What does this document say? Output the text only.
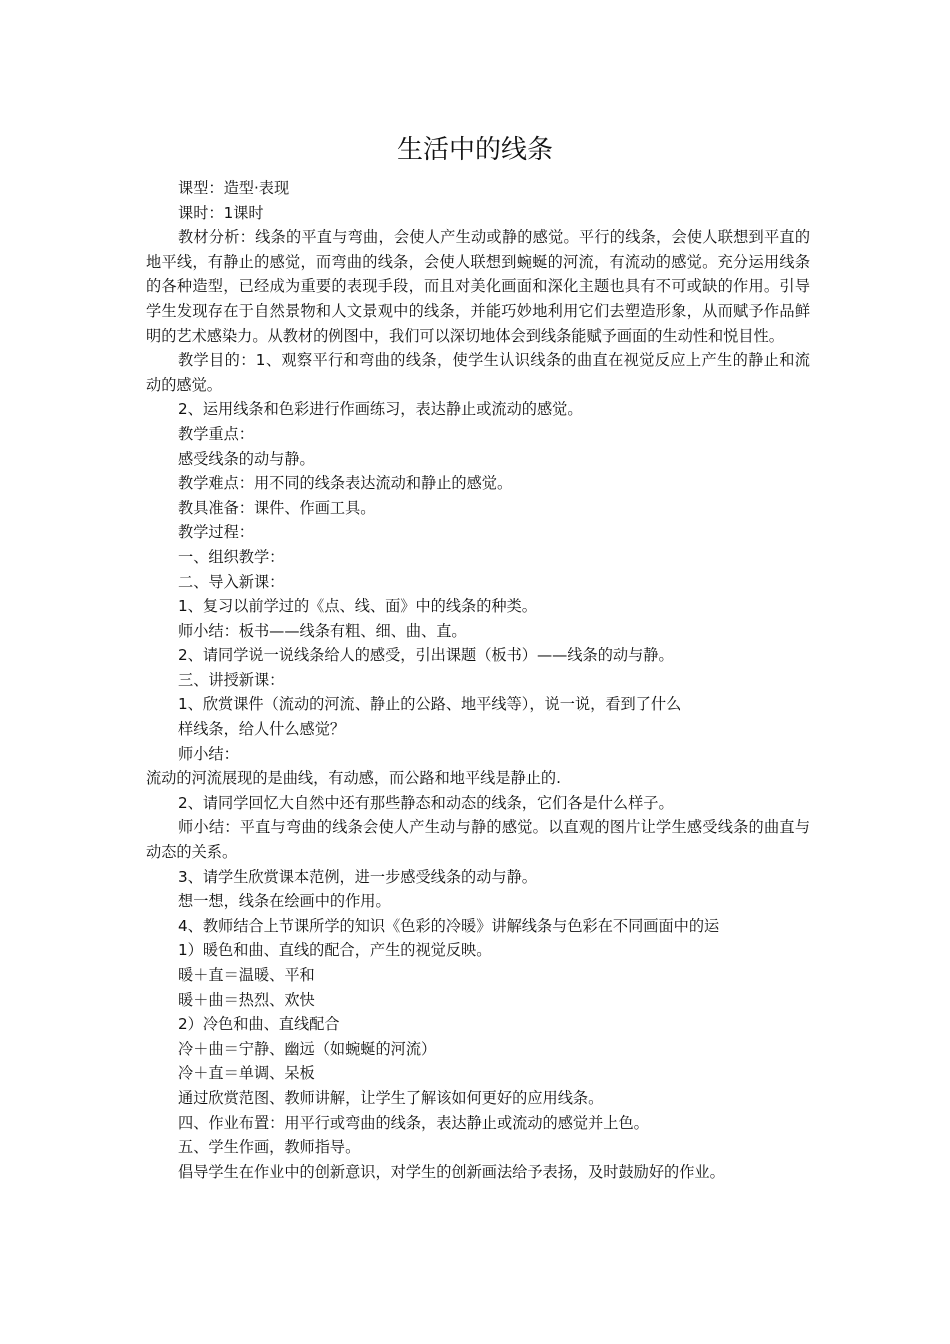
生活中的线条

课型：造型·表现

课时：1课时

教材分析：线条的平直与弯曲，会使人产生动或静的感觉。平行的线条，会使人联想到平直的地平线，有静止的感觉，而弯曲的线条，会使人联想到蜿蜒的河流，有流动的感觉。充分运用线条的各种造型，已经成为重要的表现手段，而且对美化画面和深化主题也具有不可或缺的作用。引导学生发现存在于自然景物和人文景观中的线条，并能巧妙地利用它们去塑造形象，从而赋予作品鲜明的艺术感染力。从教材的例图中，我们可以深切地体会到线条能赋予画面的生动性和悦目性。

教学目的：1、观察平行和弯曲的线条，使学生认识线条的曲直在视觉反应上产生的静止和流动的感觉。

2、运用线条和色彩进行作画练习，表达静止或流动的感觉。

教学重点：

感受线条的动与静。

教学难点：用不同的线条表达流动和静止的感觉。

教具准备：课件、作画工具。

教学过程：

一、组织教学：

二、导入新课：

1、复习以前学过的《点、线、面》中的线条的种类。

师小结：板书——线条有粗、细、曲、直。

2、请同学说一说线条给人的感受，引出课题（板书）——线条的动与静。

三、讲授新课：

1、欣赏课件（流动的河流、静止的公路、地平线等），说一说，看到了什么

样线条，给人什么感觉？

师小结：

流动的河流展现的是曲线，有动感，而公路和地平线是静止的.

2、请同学回忆大自然中还有那些静态和动态的线条，它们各是什么样子。

师小结：平直与弯曲的线条会使人产生动与静的感觉。以直观的图片让学生感受线条的曲直与动态的关系。

3、请学生欣赏课本范例，进一步感受线条的动与静。

想一想，线条在绘画中的作用。

4、教师结合上节课所学的知识《色彩的冷暖》讲解线条与色彩在不同画面中的运

1）暖色和曲、直线的配合，产生的视觉反映。

暖＋直＝温暖、平和

暖＋曲＝热烈、欢快

2）冷色和曲、直线配合

冷＋曲＝宁静、幽远（如蜿蜒的河流）

冷＋直＝单调、呆板

通过欣赏范图、教师讲解，让学生了解该如何更好的应用线条。

四、作业布置：用平行或弯曲的线条，表达静止或流动的感觉并上色。

五、学生作画，教师指导。

倡导学生在作业中的创新意识，对学生的创新画法给予表扬，及时鼓励好的作业。
